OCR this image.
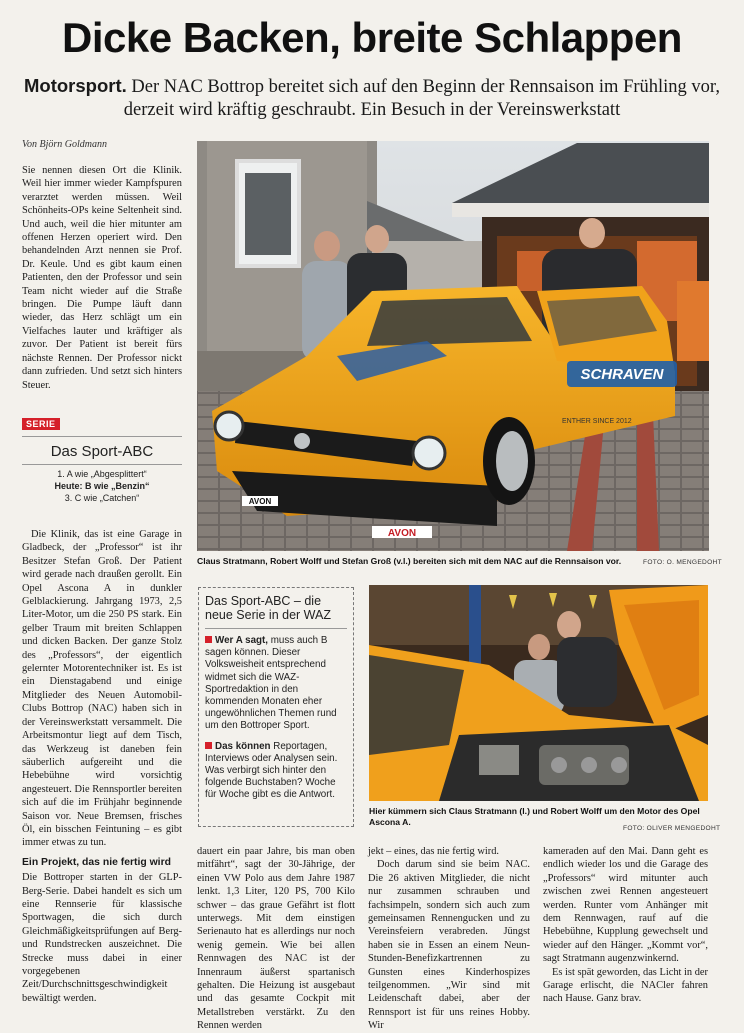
Dicke Backen, breite Schlappen
Motorsport. Der NAC Bottrop bereitet sich auf den Beginn der Rennsaison im Frühling vor, derzeit wird kräftig geschraubt. Ein Besuch in der Vereinswerkstatt
Von Björn Goldmann

Sie nennen diesen Ort die Klinik. Weil hier immer wieder Kampfspuren verarztet werden müssen. Weil Schönheits-OPs keine Seltenheit sind. Und auch, weil die hier mitunter am offenen Herzen operiert wird. Den behandelnden Arzt nennen sie Prof. Dr. Keule. Und es gibt kaum einen Patienten, den der Professor und sein Team nicht wieder auf die Straße bringen. Die Pumpe läuft dann wieder, das Herz schlägt um ein Vielfaches lauter und kräftiger als zuvor. Der Patient ist bereit fürs nächste Rennen. Der Professor nickt dann zufrieden. Und setzt sich hinters Steuer.

SERIE
Das Sport-ABC
1. A wie „Abgesplittert“
Heute: B wie „Benzin“
3. C wie „Catchen“

Die Klinik, das ist eine Garage in Gladbeck, der „Professor“ ist ihr Besitzer Stefan Groß. Der Patient wird gerade nach draußen gerollt. Ein Opel Ascona A in dunkler Gelblackierung. Jahrgang 1973, 2,5 Liter-Motor, um die 250 PS stark. Ein gelber Traum mit breiten Schlappen und dicken Backen. Der ganze Stolz des „Professors“, der eigentlich gelernter Motorentechniker ist. Es ist ein Dienstagabend und einige Mitglieder des Neuen Automobil-Clubs Bottrop (NAC) haben sich in der Vereinswerkstatt versammelt. Die Arbeitsmontur liegt auf dem Tisch, das Werkzeug ist daneben fein säuberlich aufgereiht und die Hebebühne wird vorsichtig angesteuert. Die Rennsportler bereiten sich auf die im Frühjahr beginnende Saison vor. Neue Bremsen, frisches Öl, ein bisschen Feintuning – es gibt immer etwas zu tun.

Ein Projekt, das nie fertig wird

Die Bottroper starten in der GLP-Berg-Serie. Dabei handelt es sich um eine Rennserie für klassische Sportwagen, die sich durch Gleichmäßigkeitsprüfungen auf Berg- und Rundstrecken auszeichnet. Die Strecke muss dabei in einer vorgegebenen Zeit/Durchschnittsgeschwindigkeit bewältigt werden.

SCHRAVEN
ENTHER SINCE 2012
AVON
AVON
Claus Stratmann, Robert Wolff und Stefan Groß (v.l.) bereiten sich mit dem NAC auf die Rennsaison vor.	FOTO: O. MENGEDOHT
Das Sport-ABC – die neue Serie in der WAZ

Wer A sagt, muss auch B sagen können. Dieser Volksweisheit entsprechend widmet sich die WAZ-Sportredaktion in den kommenden Monaten eher ungewöhnlichen Themen rund um den Bottroper Sport.

Das können Reportagen, Interviews oder Analysen sein. Was verbirgt sich hinter den folgende Buchstaben? Woche für Woche gibt es die Antwort.

Hier kümmern sich Claus Stratmann (l.) und Robert Wolff um den Motor des Opel Ascona A.
FOTO: OLIVER MENGEDOHT

dauert ein paar Jahre, bis man oben mitfährt“, sagt der 30-Jährige, der einen VW Polo aus dem Jahre 1987 lenkt. 1,3 Liter, 120 PS, 700 Kilo schwer – das graue Gefährt ist flott unterwegs. Mit dem einstigen Serienauto hat es allerdings nur noch wenig gemein. Wie bei allen Rennwagen des NAC ist der Innenraum äußerst spartanisch gehalten. Die Heizung ist ausgebaut und das gesamte Cockpit mit Metallstreben verstärkt. Zu den Rennen werden

jekt – eines, das nie fertig wird.

Doch darum sind sie beim NAC. Die 26 aktiven Mitglieder, die nicht nur zusammen schrauben und fachsimpeln, sondern sich auch zum gemeinsamen Rennengucken und zu Vereinsfeiern verabreden. Jüngst haben sie in Essen an einem Neun-Stunden-Benefizkartrennen zu Gunsten eines Kinderhospizes teilgenommen. „Wir sind mit Leidenschaft dabei, aber der Rennsport ist für uns reines Hobby. Wir

kameraden auf den Mai. Dann geht es endlich wieder los und die Garage des „Professors“ wird mitunter auch zwischen zwei Rennen angesteuert werden. Runter vom Anhänger mit dem Rennwagen, rauf auf die Hebebühne, Kupplung gewechselt und wieder auf den Hänger. „Kommt vor“, sagt Stratmann augenzwinkernd.

Es ist spät geworden, das Licht in der Garage erlischt, die NACler fahren nach Hause. Ganz brav.
